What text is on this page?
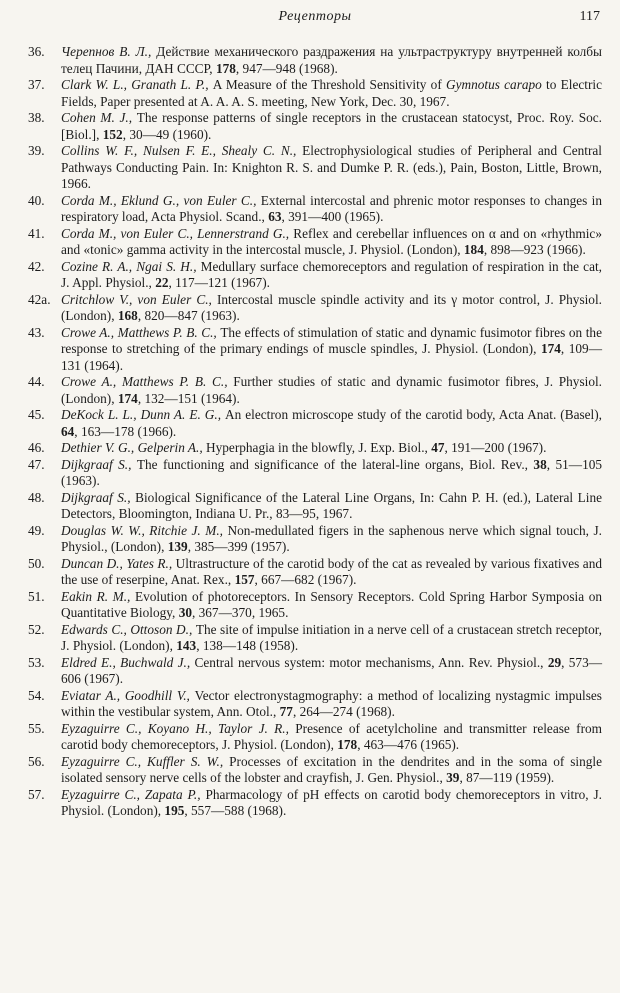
Рецепторы	117

36. Черепнов В. Л., Действие механического раздражения на ультраструктуру внутренней колбы телец Пачини, ДАН СССР, 178, 947—948 (1968).

37. Clark W. L., Granath L. P., A Measure of the Threshold Sensitivity of Gymnotus carapo to Electric Fields, Paper presented at A. A. A. S. meeting, New York, Dec. 30, 1967.

38. Cohen M. J., The response patterns of single receptors in the crustacean statocyst, Proc. Roy. Soc. [Biol.], 152, 30—49 (1960).

39. Collins W. F., Nulsen F. E., Shealy C. N., Electrophysiological studies of Peripheral and Central Pathways Conducting Pain. In: Knighton R. S. and Dumke P. R. (eds.), Pain, Boston, Little, Brown, 1966.

40. Corda M., Eklund G., von Euler C., External intercostal and phrenic motor responses to changes in respiratory load, Acta Physiol. Scand., 63, 391—400 (1965).

41. Corda M., von Euler C., Lennerstrand G., Reflex and cerebellar influences on α and on «rhythmic» and «tonic» gamma activity in the intercostal muscle, J. Physiol. (London), 184, 898—923 (1966).

42. Cozine R. A., Ngai S. H., Medullary surface chemoreceptors and regulation of respiration in the cat, J. Appl. Physiol., 22, 117—121 (1967).

42a. Critchlow V., von Euler C., Intercostal muscle spindle activity and its γ motor control, J. Physiol. (London), 168, 820—847 (1963).

43. Crowe A., Matthews P. B. C., The effects of stimulation of static and dynamic fusimotor fibres on the response to stretching of the primary endings of muscle spindles, J. Physiol. (London), 174, 109—131 (1964).

44. Crowe A., Matthews P. B. C., Further studies of static and dynamic fusimotor fibres, J. Physiol. (London), 174, 132—151 (1964).

45. DeKock L. L., Dunn A. E. G., An electron microscope study of the carotid body, Acta Anat. (Basel), 64, 163—178 (1966).

46. Dethier V. G., Gelperin A., Hyperphagia in the blowfly, J. Exp. Biol., 47, 191—200 (1967).

47. Dijkgraaf S., The functioning and significance of the lateral-line organs, Biol. Rev., 38, 51—105 (1963).

48. Dijkgraaf S., Biological Significance of the Lateral Line Organs, In: Cahn P. H. (ed.), Lateral Line Detectors, Bloomington, Indiana U. Pr., 83—95, 1967.

49. Douglas W. W., Ritchie J. M., Non-medullated figers in the saphenous nerve which signal touch, J. Physiol., (London), 139, 385—399 (1957).

50. Duncan D., Yates R., Ultrastructure of the carotid body of the cat as revealed by various fixatives and the use of reserpine, Anat. Rex., 157, 667—682 (1967).

51. Eakin R. M., Evolution of photoreceptors. In Sensory Receptors. Cold Spring Harbor Symposia on Quantitative Biology, 30, 367—370, 1965.

52. Edwards C., Ottoson D., The site of impulse initiation in a nerve cell of a crustacean stretch receptor, J. Physiol. (London), 143, 138—148 (1958).

53. Eldred E., Buchwald J., Central nervous system: motor mechanisms, Ann. Rev. Physiol., 29, 573—606 (1967).

54. Eviatar A., Goodhill V., Vector electronystagmography: a method of localizing nystagmic impulses within the vestibular system, Ann. Otol., 77, 264—274 (1968).

55. Eyzaguirre C., Koyano H., Taylor J. R., Presence of acetylcholine and transmitter release from carotid body chemoreceptors, J. Physiol. (London), 178, 463—476 (1965).

56. Eyzaguirre C., Kuffler S. W., Processes of excitation in the dendrites and in the soma of single isolated sensory nerve cells of the lobster and crayfish, J. Gen. Physiol., 39, 87—119 (1959).

57. Eyzaguirre C., Zapata P., Pharmacology of pH effects on carotid body chemoreceptors in vitro, J. Physiol. (London), 195, 557—588 (1968).
